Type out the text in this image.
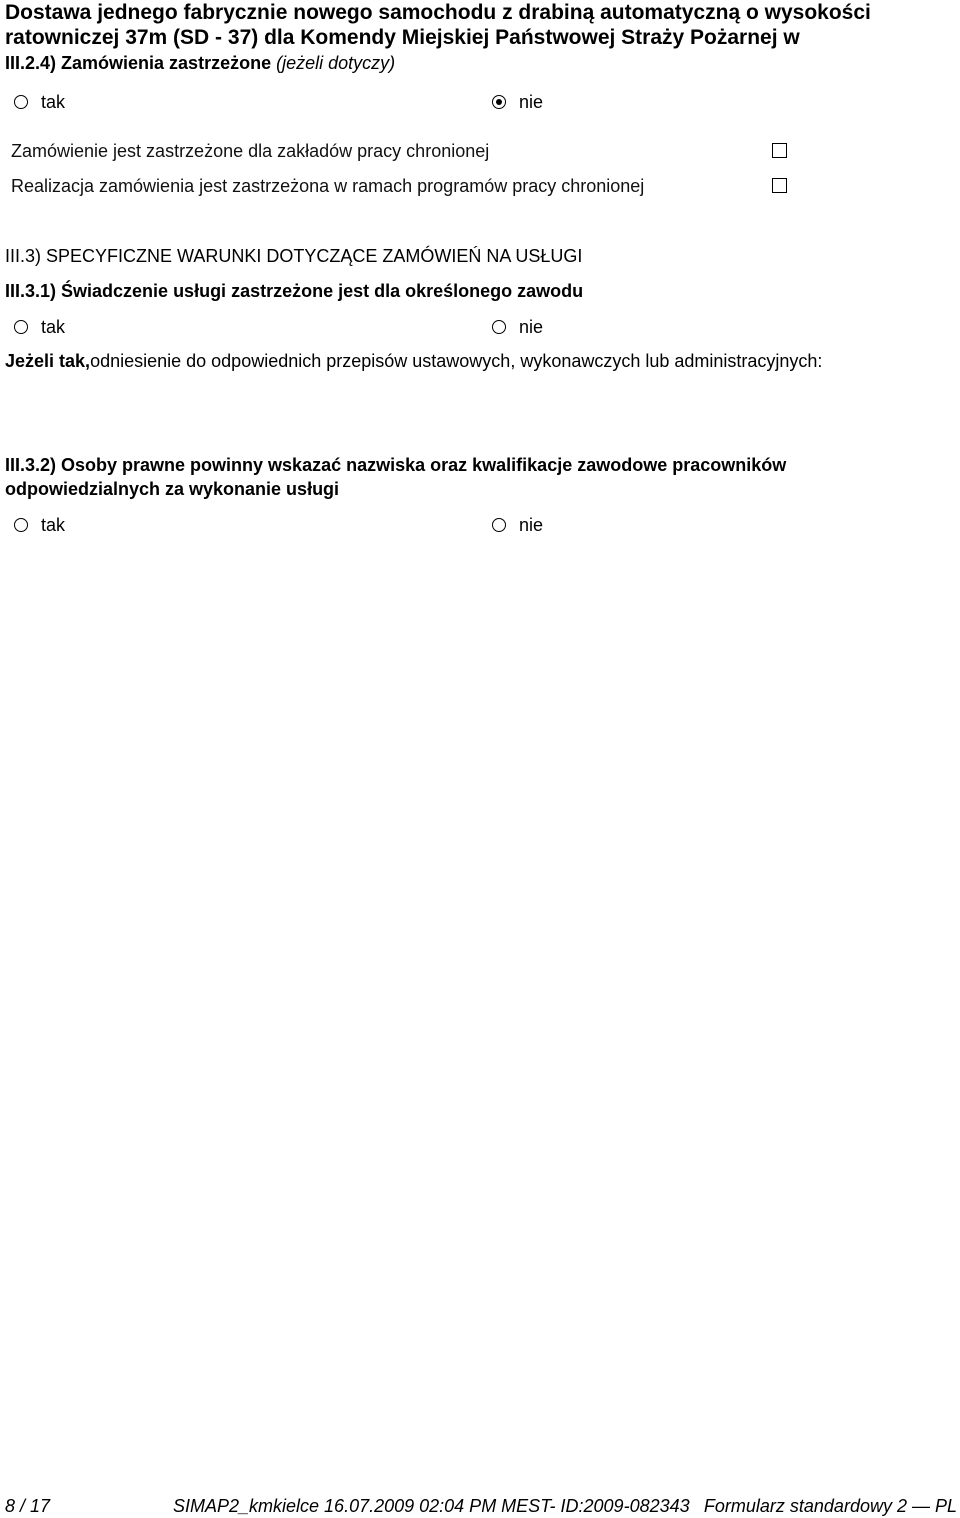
Dostawa jednego fabrycznie nowego samochodu z drabiną automatyczną o wysokości
ratowniczej 37m (SD - 37) dla Komendy Miejskiej Państwowej Straży Pożarnej w
III.2.4) Zamówienia zastrzeżone (jeżeli dotyczy)
tak	nie
Zamówienie jest zastrzeżone dla zakładów pracy chronionej
Realizacja zamówienia jest zastrzeżona w ramach programów pracy chronionej
III.3) SPECYFICZNE WARUNKI DOTYCZĄCE ZAMÓWIEŃ NA USŁUGI
III.3.1) Świadczenie usługi zastrzeżone jest dla określonego zawodu
tak	nie
Jeżeli tak,odniesienie do odpowiednich przepisów ustawowych, wykonawczych lub administracyjnych:
III.3.2) Osoby prawne powinny wskazać nazwiska oraz kwalifikacje zawodowe pracowników
odpowiedzialnych za wykonanie usługi
tak	nie
8 / 17	SIMAP2_kmkielce 16.07.2009 02:04 PM MEST- ID:2009-082343 Formularz standardowy 2 — PL
